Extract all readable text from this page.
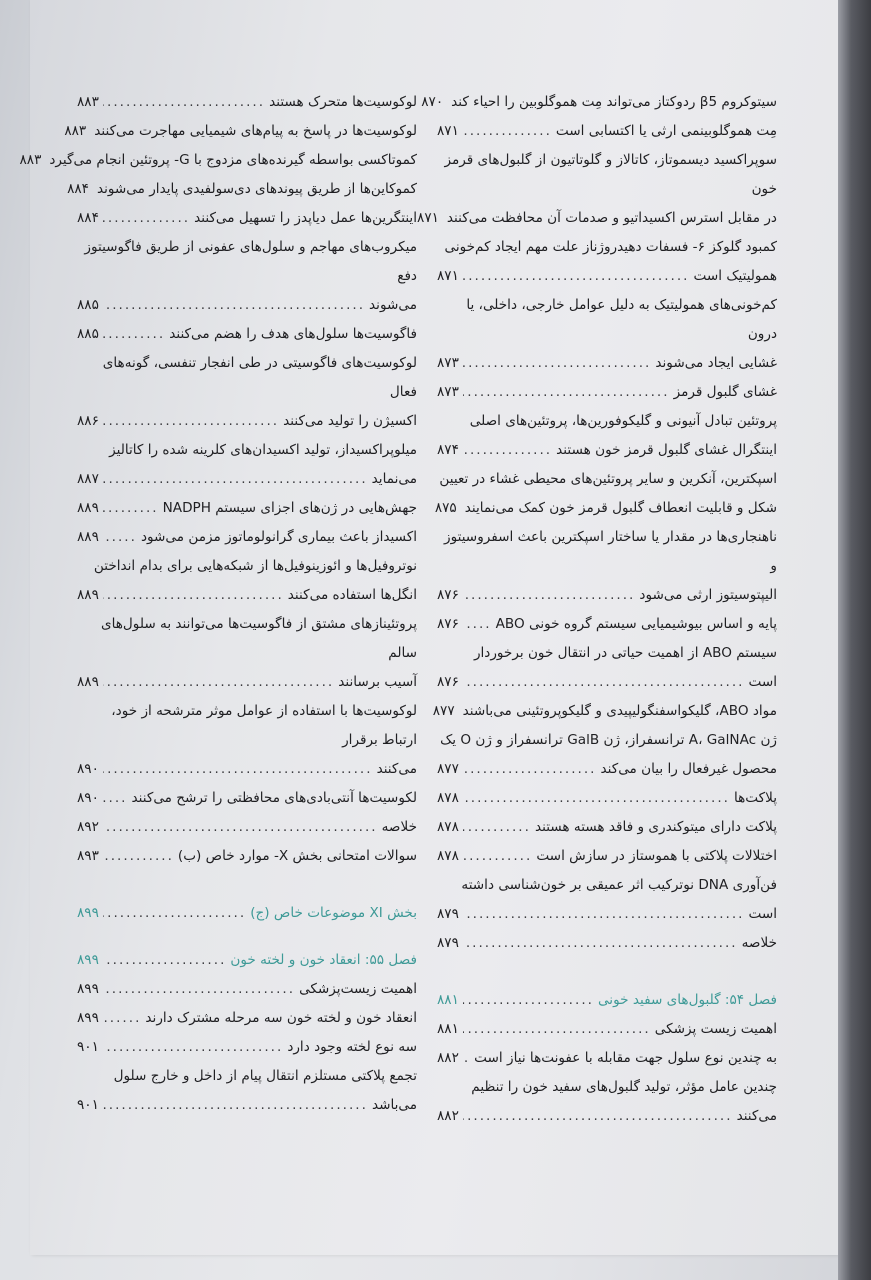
سیتوکروم β5 ردوکتاز می‌تواند مِت هموگلوبین را احیاء کند
۸۷۰
مِت هموگلوبینمی ارثی یا اکتسابی است
.....
۸۷۱
سوپراکسید دیسموتاز، کاتالاز و گلوتاتیون از گلبول‌های قرمز خون
در مقابل استرس اکسیداتیو و صدمات آن محافظت می‌کنند
۸۷۱
کمبود گلوکز ۶- فسفات دهیدروژناز علت مهم ایجاد کم‌خونی
همولیتیک است
.....
۸۷۱
کم‌خونی‌های همولیتیک به دلیل عوامل خارجی، داخلی، یا درون
غشایی ایجاد می‌شوند
.....
۸۷۳
غشای گلبول قرمز
.....
۸۷۳
پروتئین تبادل آنیونی و گلیکوفورین‌ها، پروتئین‌های اصلی
اینتگرال غشای گلبول قرمز خون هستند
.....
۸۷۴
اسپکترین، آنکرین و سایر پروتئین‌های محیطی غشاء در تعیین
شکل و قابلیت انعطاف گلبول قرمز خون کمک می‌نمایند
۸۷۵
ناهنجاری‌ها در مقدار یا ساختار اسپکترین باعث اسفروسیتوز و
الیپتوسیتوز ارثی می‌شود
.....
۸۷۶
پایه و اساس بیوشیمیایی سیستم گروه خونی ABO
.....
۸۷۶
سیستم ABO از اهمیت حیاتی در انتقال خون برخوردار
است
.....
۸۷۶
مواد ABO، گلیکواسفنگولیپیدی و گلیکوپروتئینی می‌باشند
۸۷۷
ژن A، GalNAc ترانسفراز، ژن GalB ترانسفراز و ژن O یک
محصول غیرفعال را بیان می‌کند
.....
۸۷۷
پلاکت‌ها
.....
۸۷۸
پلاکت دارای میتوکندری و فاقد هسته هستند
.....
۸۷۸
اختلالات پلاکتی با هموستاز در سازش است
.....
۸۷۸
فن‌آوری DNA نوترکیب اثر عمیقی بر خون‌شناسی داشته
است
.....
۸۷۹
خلاصه
.....
۸۷۹
فصل ۵۴: گلبول‌های سفید خونی
.....
۸۸۱
اهمیت زیست پزشکی
.....
۸۸۱
به چندین نوع سلول جهت مقابله با عفونت‌ها نیاز است
.....
۸۸۲
چندین عامل مؤثر، تولید گلبول‌های سفید خون را تنظیم
می‌کنند
.....
۸۸۲
لوکوسیت‌ها متحرک هستند
.....
۸۸۳
لوکوسیت‌ها در پاسخ به پیام‌های شیمیایی مهاجرت می‌کنند
۸۸۳
کموتاکسی بواسطه گیرنده‌های مزدوج با G- پروتئین انجام می‌گیرد
۸۸۳
کموکاین‌ها از طریق پیوندهای دی‌سولفیدی پایدار می‌شوند
۸۸۴
اینتگرین‌ها عمل دیاپدز را تسهیل می‌کنند
.....
۸۸۴
میکروب‌های مهاجم و سلول‌های عفونی از طریق فاگوسیتوز دفع
می‌شوند
.....
۸۸۵
فاگوسیت‌ها سلول‌های هدف را هضم می‌کنند
.....
۸۸۵
لوکوسیت‌های فاگوسیتی در طی انفجار تنفسی، گونه‌های فعال
اکسیژن را تولید می‌کنند
.....
۸۸۶
میلوپراکسیداز، تولید اکسیدان‌های کلرینه شده را کاتالیز
می‌نماید
.....
۸۸۷
جهش‌هایی در ژن‌های اجزای سیستم NADPH
.....
۸۸۹
اکسیداز باعث بیماری گرانولوماتوز مزمن می‌شود
.....
۸۸۹
نوتروفیل‌ها و ائوزینوفیل‌ها از شبکه‌هایی برای بدام انداختن
انگل‌ها استفاده می‌کنند
.....
۸۸۹
پروتئینازهای مشتق از فاگوسیت‌ها می‌توانند به سلول‌های سالم
آسیب برسانند
.....
۸۸۹
لوکوسیت‌ها با استفاده از عوامل موثر مترشحه از خود، ارتباط برقرار
می‌کنند
.....
۸۹۰
لکوسیت‌ها آنتی‌بادی‌های محافظتی را ترشح می‌کنند
.....
۸۹۰
خلاصه
.....
۸۹۲
سوالات امتحانی بخش X- موارد خاص (ب)
.....
۸۹۳
بخش XI موضوعات خاص (ج)
.....
۸۹۹
فصل ۵۵: انعقاد خون و لخته خون
.....
۸۹۹
اهمیت زیست‌پزشکی
.....
۸۹۹
انعقاد خون و لخته خون سه مرحله مشترک دارند
.....
۸۹۹
سه نوع لخته وجود دارد
.....
۹۰۱
تجمع پلاکتی مستلزم انتقال پیام از داخل و خارج سلول
می‌باشد
.....
۹۰۱
